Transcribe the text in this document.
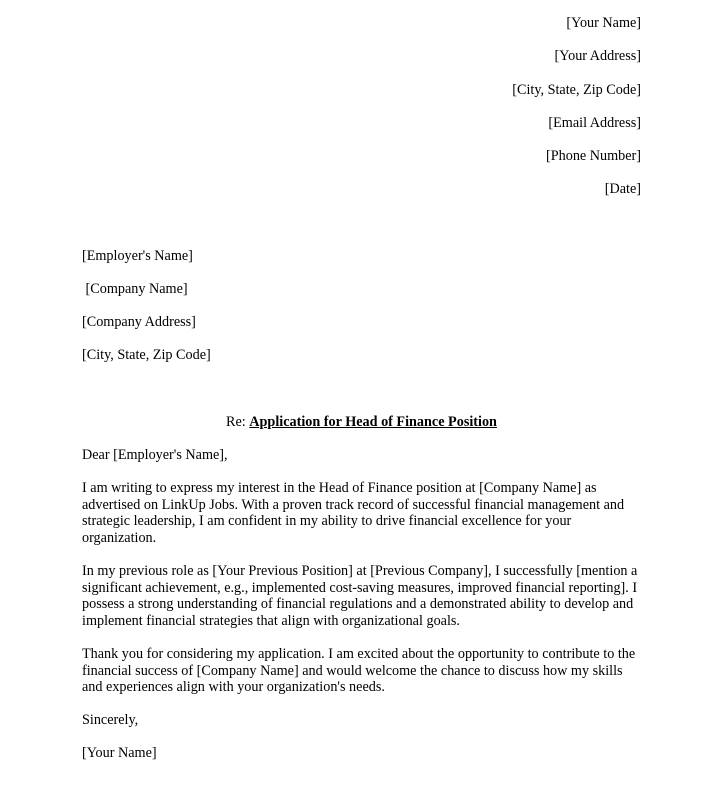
[Your Name]
[Your Address]
[City, State, Zip Code]
[Email Address]
[Phone Number]
[Date]
[Employer's Name]
[Company Name]
[Company Address]
[City, State, Zip Code]
Re: Application for Head of Finance Position
Dear [Employer's Name],
I am writing to express my interest in the Head of Finance position at [Company Name] as advertised on LinkUp Jobs. With a proven track record of successful financial management and strategic leadership, I am confident in my ability to drive financial excellence for your organization.
In my previous role as [Your Previous Position] at [Previous Company], I successfully [mention a significant achievement, e.g., implemented cost-saving measures, improved financial reporting]. I possess a strong understanding of financial regulations and a demonstrated ability to develop and implement financial strategies that align with organizational goals.
Thank you for considering my application. I am excited about the opportunity to contribute to the financial success of [Company Name] and would welcome the chance to discuss how my skills and experiences align with your organization's needs.
Sincerely,
[Your Name]
